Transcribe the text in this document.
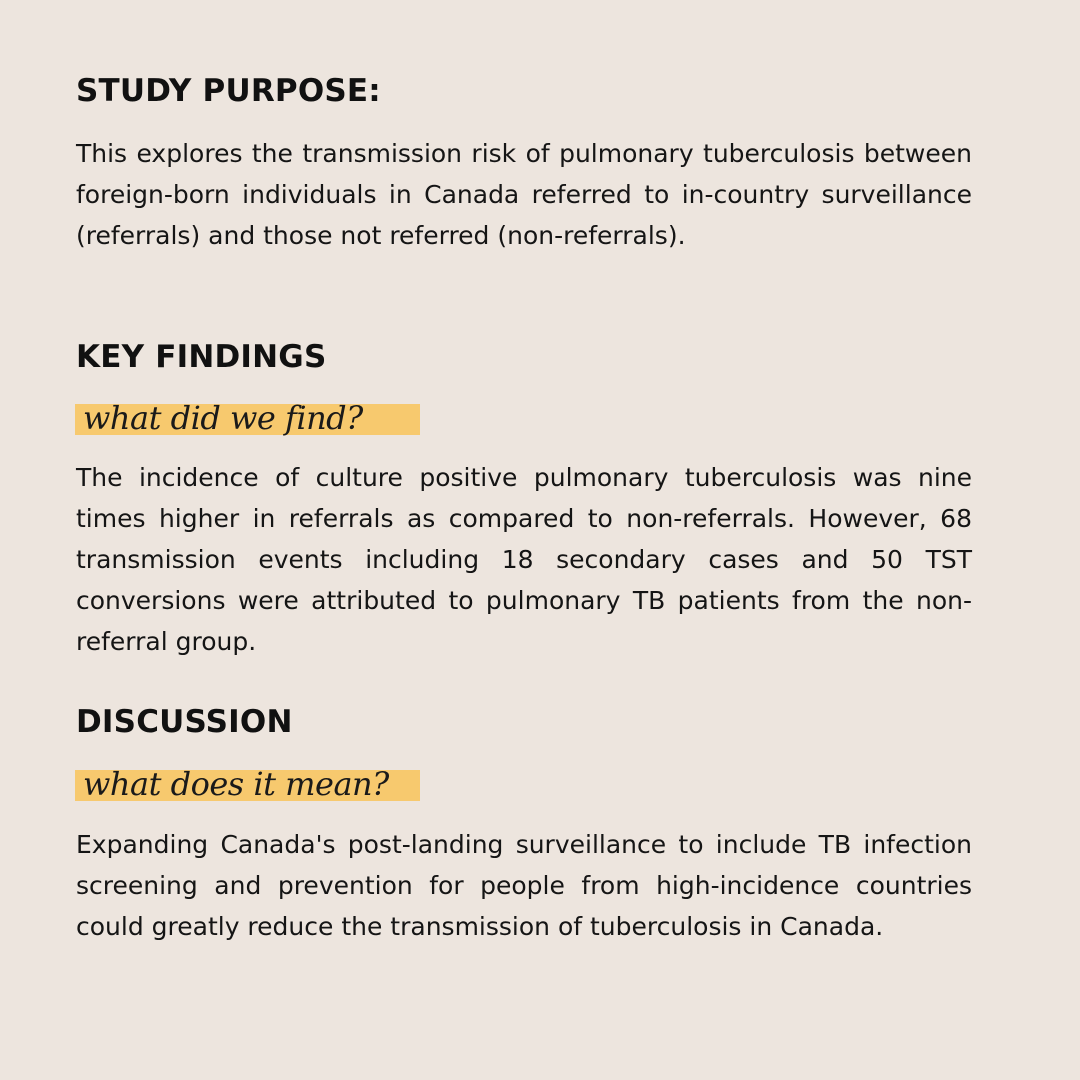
STUDY PURPOSE:

This explores the transmission risk of pulmonary tuberculosis between foreign-born individuals in Canada referred to in-country surveillance (referrals) and those not referred (non-referrals).

KEY FINDINGS
what did we find?

The incidence of culture positive pulmonary tuberculosis was nine times higher in referrals as compared to non-referrals. However, 68 transmission events including 18 secondary cases and 50 TST conversions were attributed to pulmonary TB patients from the non-referral group.

DISCUSSION
what does it mean?

Expanding Canada's post-landing surveillance to include TB infection screening and prevention for people from high-incidence countries could greatly reduce the transmission of tuberculosis in Canada.
